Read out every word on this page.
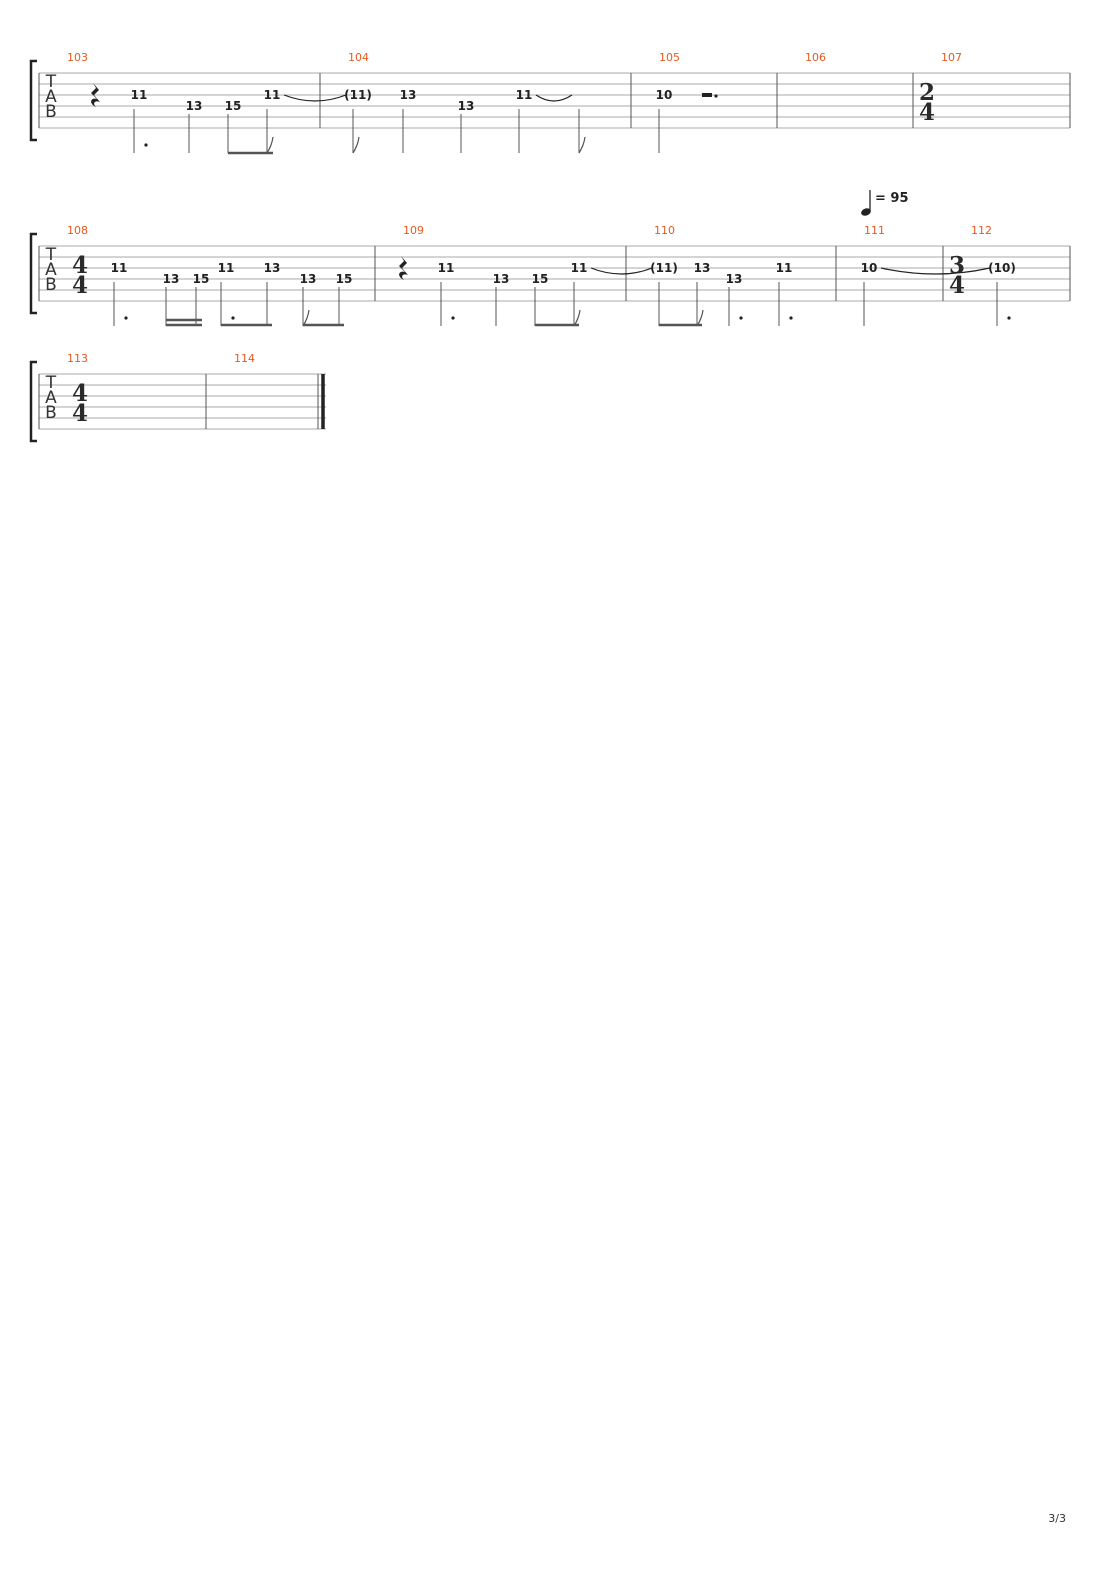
T
A
B
103	104	105	106	107
2
4
T
A
B
108
4
4
109	110	111	112
3
4
T
A
B
113
4
4
114
11
13 15
11	(11) 13
13
11	10
11
13 15
11 13
13 15
11
13 15
11	(11) 13
13
11	10	(10)
= 95
3/3
